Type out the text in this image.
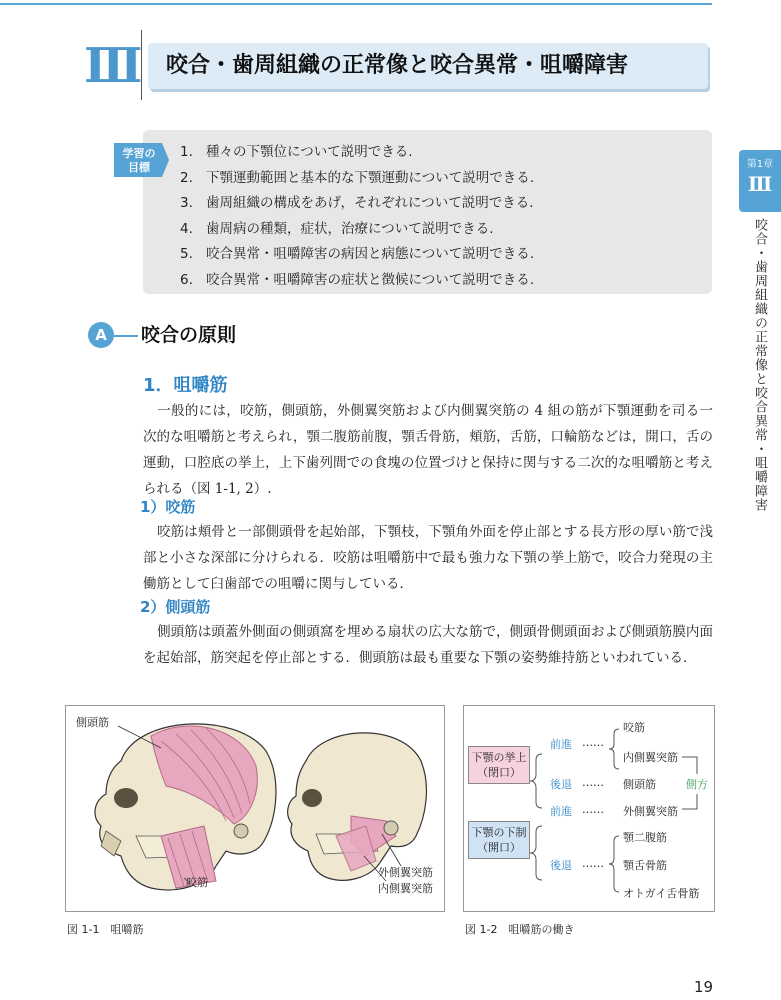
Ⅲ 咬合・歯周組織の正常像と咬合異常・咀嚼障害
学習の
目標
1. 種々の下顎位について説明できる.
2. 下顎運動範囲と基本的な下顎運動について説明できる.
3. 歯周組織の構成をあげ，それぞれについて説明できる.
4. 歯周病の種類，症状，治療について説明できる.
5. 咬合異常・咀嚼障害の病因と病態について説明できる.
6. 咬合異常・咀嚼障害の症状と徴候について説明できる.
第1章
Ⅲ
咬合・歯周組織の正常像と咬合異常・咀嚼障害
A	咬合の原則
1．咀嚼筋
一般的には，咬筋，側頭筋，外側翼突筋および内側翼突筋の 4 組の筋が下顎運動を司る一次的な咀嚼筋と考えられ，顎二腹筋前腹，顎舌骨筋，頬筋，舌筋，口輪筋などは，開口，舌の運動，口腔底の挙上，上下歯列間での食塊の位置づけと保持に関与する二次的な咀嚼筋と考えられる（図 1-1, 2）.
1）咬筋
咬筋は頬骨と一部側頭骨を起始部，下顎枝，下顎角外面を停止部とする長方形の厚い筋で浅部と小さな深部に分けられる．咬筋は咀嚼筋中で最も強力な下顎の挙上筋で，咬合力発現の主働筋として臼歯部での咀嚼に関与している．
2）側頭筋
側頭筋は頭蓋外側面の側頭窩を埋める扇状の広大な筋で，側頭骨側頭面および側頭筋膜内面を起始部，筋突起を停止部とする．側頭筋は最も重要な下顎の姿勢維持筋といわれている．
側頭筋
咬筋
外側翼突筋
内側翼突筋
図 1-1　咀嚼筋
下顎の挙上
（閉口）
下顎の下制
（開口）
前進 ……
咬筋
内側翼突筋
後退 …… 側頭筋	側方
前進 …… 外側翼突筋
顎二腹筋
後退 …… 顎舌骨筋
オトガイ舌骨筋
図 1-2　咀嚼筋の働き
19
